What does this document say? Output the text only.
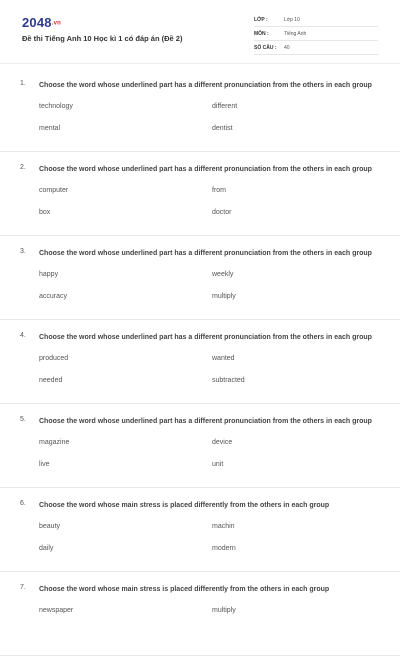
2048.vn
Đề thi Tiếng Anh 10 Học kì 1 có đáp án (Đề 2)
LỚP :	Lớp 10
MÔN :	Tiếng Anh
SỐ CÂU : 40
1. Choose the word whose underlined part has a different pronunciation from the others in each group
technology	different
mental	dentist
2. Choose the word whose underlined part has a different pronunciation from the others in each group
computer	from
box	doctor
3. Choose the word whose underlined part has a different pronunciation from the others in each group
happy	weekly
accuracy	multiply
4. Choose the word whose underlined part has a different pronunciation from the others in each group
produced	wanted
needed	subtracted
5. Choose the word whose underlined part has a different pronunciation from the others in each group
magazine	device
live	unit
6. Choose the word whose main stress is placed differently from the others in each group
beauty	machin
daily	modern
7. Choose the word whose main stress is placed differently from the others in each group
newspaper	multiply
